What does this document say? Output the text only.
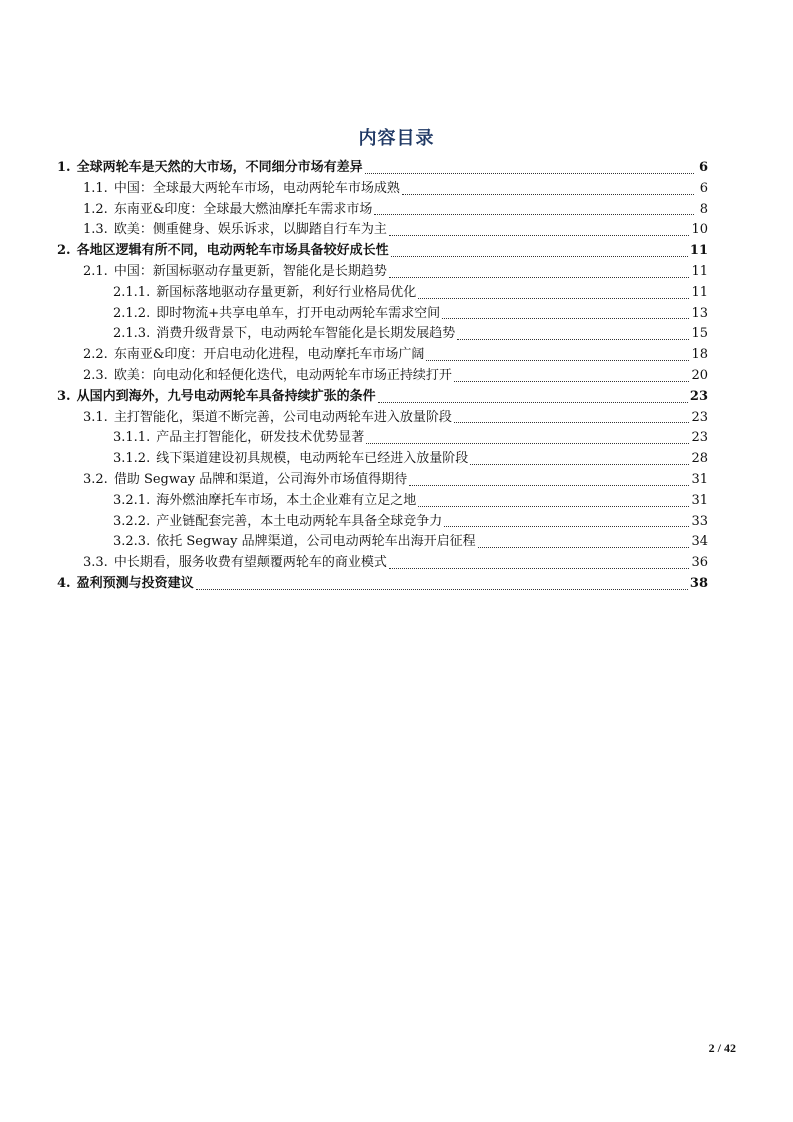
内容目录
1. 全球两轮车是天然的大市场，不同细分市场有差异	6
1.1. 中国：全球最大两轮车市场，电动两轮车市场成熟	6
1.2. 东南亚&印度：全球最大燃油摩托车需求市场	8
1.3. 欧美：侧重健身、娱乐诉求，以脚踏自行车为主	10
2. 各地区逻辑有所不同，电动两轮车市场具备较好成长性	11
2.1. 中国：新国标驱动存量更新，智能化是长期趋势	11
2.1.1. 新国标落地驱动存量更新，利好行业格局优化	11
2.1.2. 即时物流+共享电单车，打开电动两轮车需求空间	13
2.1.3. 消费升级背景下，电动两轮车智能化是长期发展趋势	15
2.2. 东南亚&印度：开启电动化进程，电动摩托车市场广阔	18
2.3. 欧美：向电动化和轻便化迭代，电动两轮车市场正持续打开	20
3. 从国内到海外，九号电动两轮车具备持续扩张的条件	23
3.1. 主打智能化，渠道不断完善，公司电动两轮车进入放量阶段	23
3.1.1. 产品主打智能化，研发技术优势显著	23
3.1.2. 线下渠道建设初具规模，电动两轮车已经进入放量阶段	28
3.2. 借助 Segway 品牌和渠道，公司海外市场值得期待	31
3.2.1. 海外燃油摩托车市场，本土企业难有立足之地	31
3.2.2. 产业链配套完善，本土电动两轮车具备全球竞争力	33
3.2.3. 依托 Segway 品牌渠道，公司电动两轮车出海开启征程	34
3.3. 中长期看，服务收费有望颠覆两轮车的商业模式	36
4. 盈利预测与投资建议	38
2 / 42
